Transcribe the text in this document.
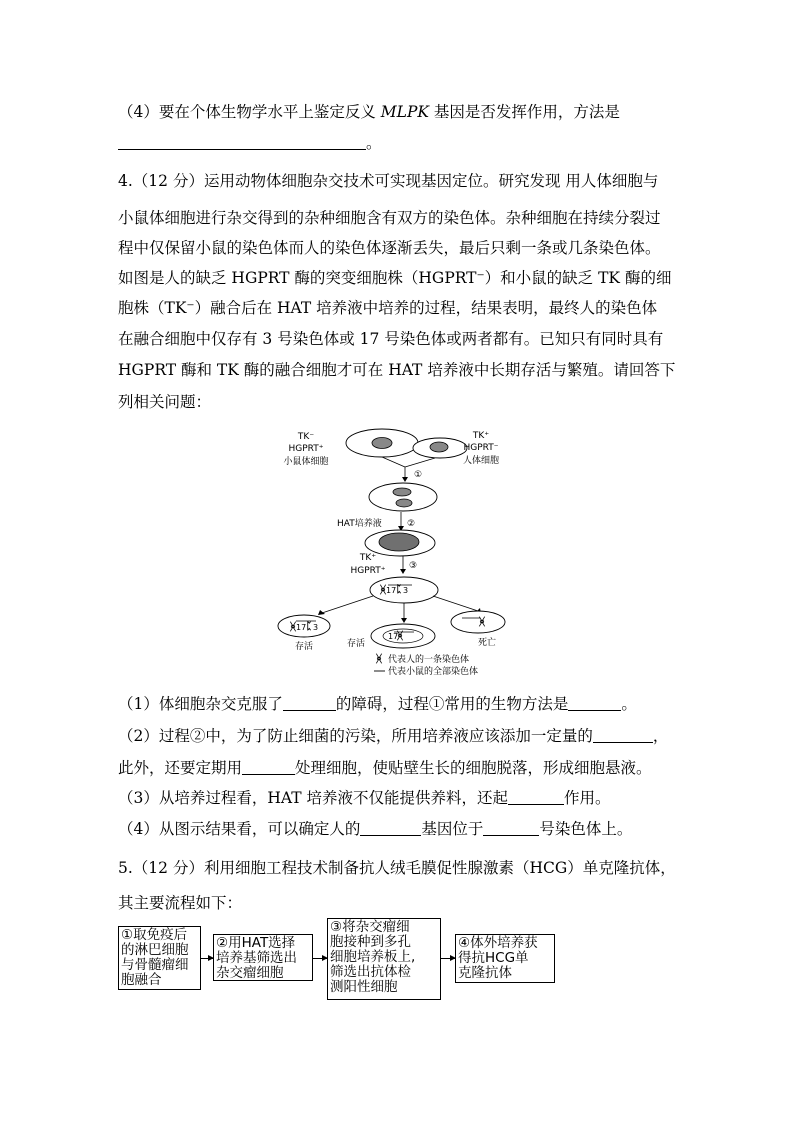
（4）要在个体生物学水平上鉴定反义 MLPK 基因是否发挥作用，方法是
。
4.（12 分）运用动物体细胞杂交技术可实现基因定位。研究发现 用人体细胞与
小鼠体细胞进行杂交得到的杂种细胞含有双方的染色体。杂种细胞在持续分裂过
程中仅保留小鼠的染色体而人的染色体逐渐丢失，最后只剩一条或几条染色体。
如图是人的缺乏 HGPRT 酶的突变细胞株（HGPRT⁻）和小鼠的缺乏 TK 酶的细
胞株（TK⁻）融合后在 HAT 培养液中培养的过程，结果表明，最终人的染色体
在融合细胞中仅存有 3 号染色体或 17 号染色体或两者都有。已知只有同时具有
HGPRT 酶和 TK 酶的融合细胞才可在 HAT 培养液中长期存活与繁殖。请回答下
列相关问题：
TK⁻
HGPRT⁺
小鼠体细胞
TK⁺
HGPRT⁻
人体细胞
①
HAT培养液	②
TK⁺
HGPRT⁺	③
ᚸ 17 ᛈ 3
ᚸ 17 ᛈ 3
存活
17
ᚸ
存活
ᚸ
死亡
ᚸ 代表人的一条染色体
代表小鼠的全部染色体
（1）体细胞杂交克服了	的障碍，过程①常用的生物方法是	。
（2）过程②中，为了防止细菌的污染，所用培养液应该添加一定量的	，
此外，还要定期用	处理细胞，使贴壁生长的细胞脱落，形成细胞悬液。
（3）从培养过程看，HAT 培养液不仅能提供养料，还起	作用。
（4）从图示结果看，可以确定人的	基因位于	号染色体上。
5.（12 分）利用细胞工程技术制备抗人绒毛膜促性腺激素（HCG）单克隆抗体，
其主要流程如下：
①取免疫后
的淋巴细胞
与骨髓瘤细
胞融合
②用HAT选择
培养基筛选出
杂交瘤细胞
③将杂交瘤细
胞接种到多孔
细胞培养板上,
筛选出抗体检
测阳性细胞
④体外培养获
得抗HCG单
克隆抗体
